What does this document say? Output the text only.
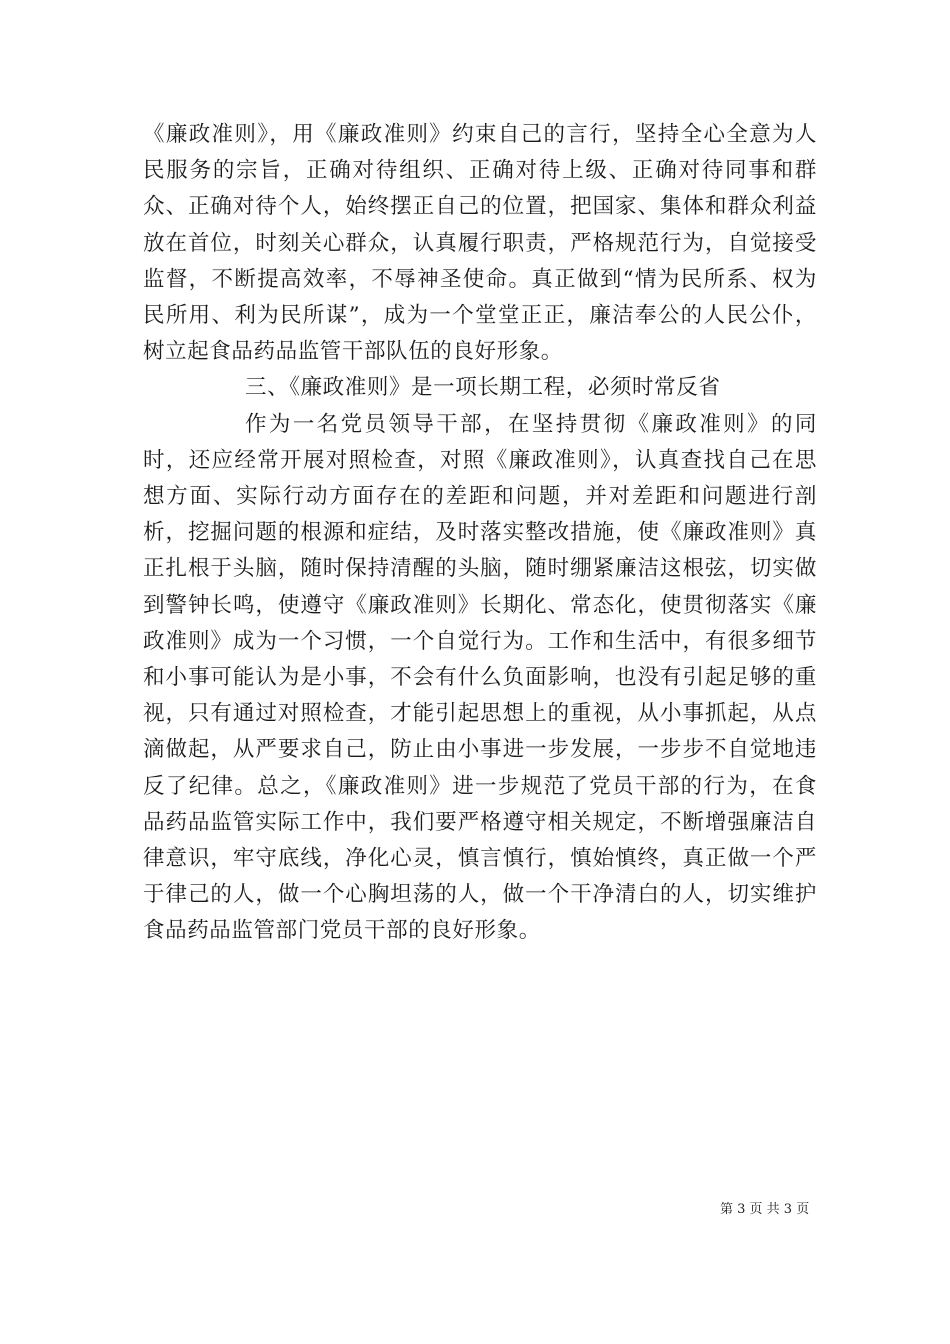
《廉政准则》，用《廉政准则》约束自己的言行，坚持全心全意为人民服务的宗旨，正确对待组织、正确对待上级、正确对待同事和群众、正确对待个人，始终摆正自己的位置，把国家、集体和群众利益放在首位，时刻关心群众，认真履行职责，严格规范行为，自觉接受监督，不断提高效率，不辱神圣使命。真正做到“情为民所系、权为民所用、利为民所谋”，成为一个堂堂正正，廉洁奉公的人民公仆，树立起食品药品监管干部队伍的良好形象。

三、《廉政准则》是一项长期工程，必须时常反省

作为一名党员领导干部，在坚持贯彻《廉政准则》的同时，还应经常开展对照检查，对照《廉政准则》，认真查找自己在思想方面、实际行动方面存在的差距和问题，并对差距和问题进行剖析，挖掘问题的根源和症结，及时落实整改措施，使《廉政准则》真正扎根于头脑，随时保持清醒的头脑，随时绷紧廉洁这根弦，切实做到警钟长鸣，使遵守《廉政准则》长期化、常态化，使贯彻落实《廉政准则》成为一个习惯，一个自觉行为。工作和生活中，有很多细节和小事可能认为是小事，不会有什么负面影响，也没有引起足够的重视，只有通过对照检查，才能引起思想上的重视，从小事抓起，从点滴做起，从严要求自己，防止由小事进一步发展，一步步不自觉地违反了纪律。总之，《廉政准则》进一步规范了党员干部的行为，在食品药品监管实际工作中，我们要严格遵守相关规定，不断增强廉洁自律意识，牢守底线，净化心灵，慎言慎行，慎始慎终，真正做一个严于律己的人，做一个心胸坦荡的人，做一个干净清白的人，切实维护食品药品监管部门党员干部的良好形象。

第 3 页 共 3 页
